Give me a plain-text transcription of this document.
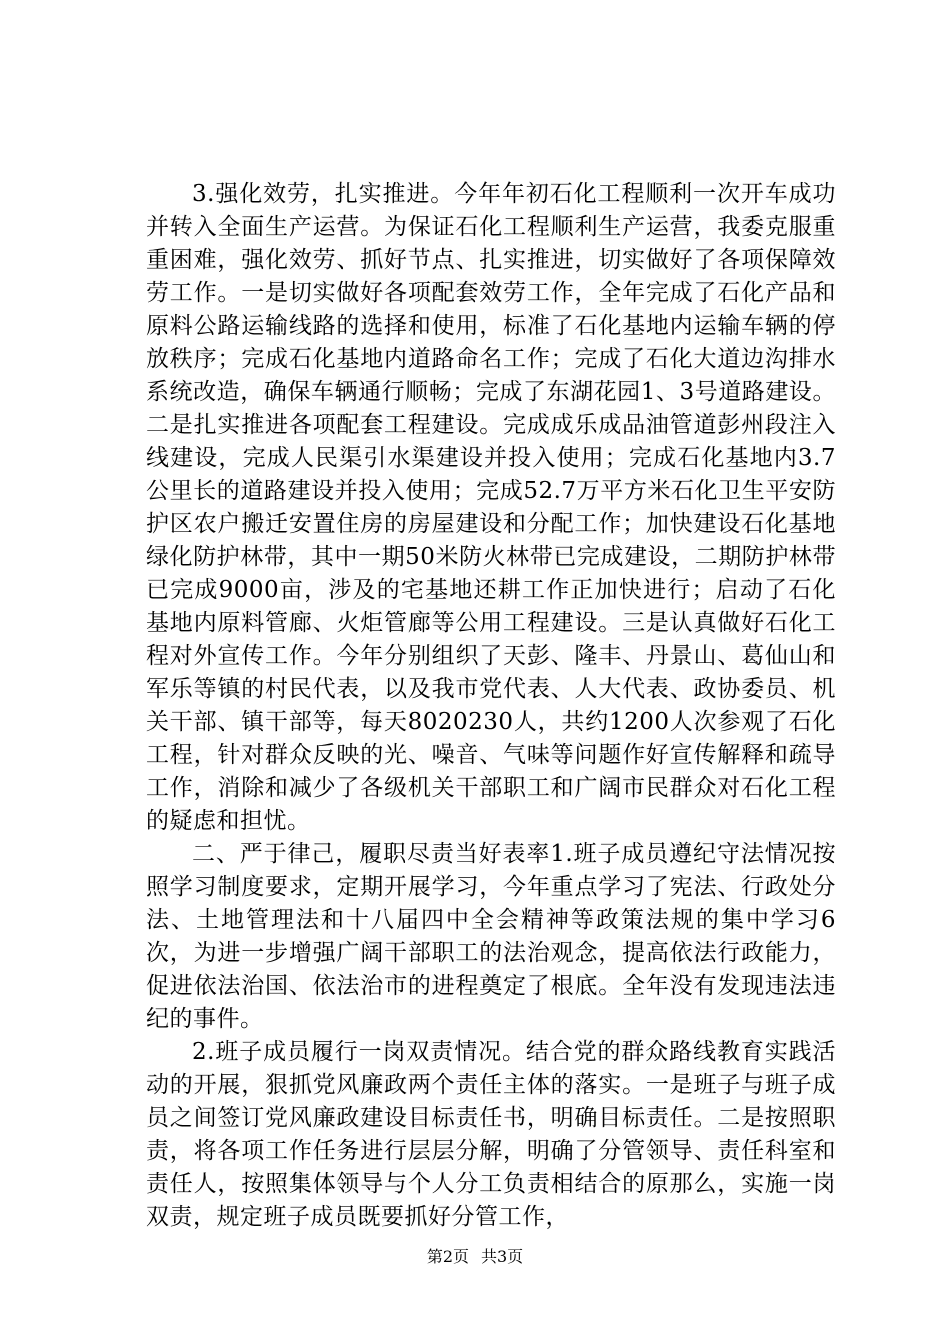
3.强化效劳，扎实推进。今年年初石化工程顺利一次开车成功并转入全面生产运营。为保证石化工程顺利生产运营，我委克服重重困难，强化效劳、抓好节点、扎实推进，切实做好了各项保障效劳工作。一是切实做好各项配套效劳工作，全年完成了石化产品和原料公路运输线路的选择和使用，标准了石化基地内运输车辆的停放秩序；完成石化基地内道路命名工作；完成了石化大道边沟排水系统改造，确保车辆通行顺畅；完成了东湖花园1、3号道路建设。二是扎实推进各项配套工程建设。完成成乐成品油管道彭州段注入线建设，完成人民渠引水渠建设并投入使用；完成石化基地内3.7公里长的道路建设并投入使用；完成52.7万平方米石化卫生平安防护区农户搬迁安置住房的房屋建设和分配工作；加快建设石化基地绿化防护林带，其中一期50米防火林带已完成建设，二期防护林带已完成9000亩，涉及的宅基地还耕工作正加快进行；启动了石化基地内原料管廊、火炬管廊等公用工程建设。三是认真做好石化工程对外宣传工作。今年分别组织了天彭、隆丰、丹景山、葛仙山和军乐等镇的村民代表，以及我市党代表、人大代表、政协委员、机关干部、镇干部等，每天8020230人，共约1200人次参观了石化工程，针对群众反映的光、噪音、气味等问题作好宣传解释和疏导工作，消除和减少了各级机关干部职工和广阔市民群众对石化工程的疑虑和担忧。

二、严于律己，履职尽责当好表率1.班子成员遵纪守法情况按照学习制度要求，定期开展学习，今年重点学习了宪法、行政处分法、土地管理法和十八届四中全会精神等政策法规的集中学习6次，为进一步增强广阔干部职工的法治观念，提高依法行政能力，促进依法治国、依法治市的进程奠定了根底。全年没有发现违法违纪的事件。

2.班子成员履行一岗双责情况。结合党的群众路线教育实践活动的开展，狠抓党风廉政两个责任主体的落实。一是班子与班子成员之间签订党风廉政建设目标责任书，明确目标责任。二是按照职责，将各项工作任务进行层层分解，明确了分管领导、责任科室和责任人，按照集体领导与个人分工负责相结合的原那么，实施一岗双责，规定班子成员既要抓好分管工作，

第2页 共3页
